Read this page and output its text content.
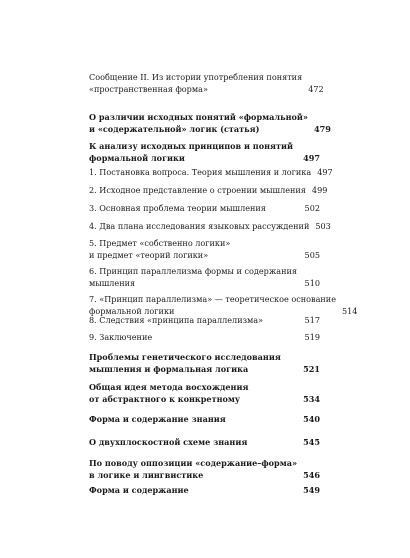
Сообщение II. Из истории употребления понятия
«пространственная форма»	472
О различии исходных понятий «формальной»
и «содержательной» логик (статья)	479
К анализу исходных принципов и понятий
формальной логики	497
1. Постановка вопроса. Теория мышления и логика 497
2. Исходное представление о строении мышления 499
3. Основная проблема теории мышления	502
4. Два плана исследования языковых рассуждений 503
5. Предмет «собственно логики»
и предмет «теорий логики»	505
6. Принцип параллелизма формы и содержания
мышления	510
7. «Принцип параллелизма» — теоретическое основание
формальной логики	514
8. Следствия «принципа параллелизма»	517
9. Заключение	519
Проблемы генетического исследования
мышления и формальная логика	521
Общая идея метода восхождения
от абстрактного к конкретному	534
Форма и содержание знания	540
О двухплоскостной схеме знания	545
По поводу оппозиции «содержание–форма»
в логике и лингвистике	546
Форма и содержание	549
